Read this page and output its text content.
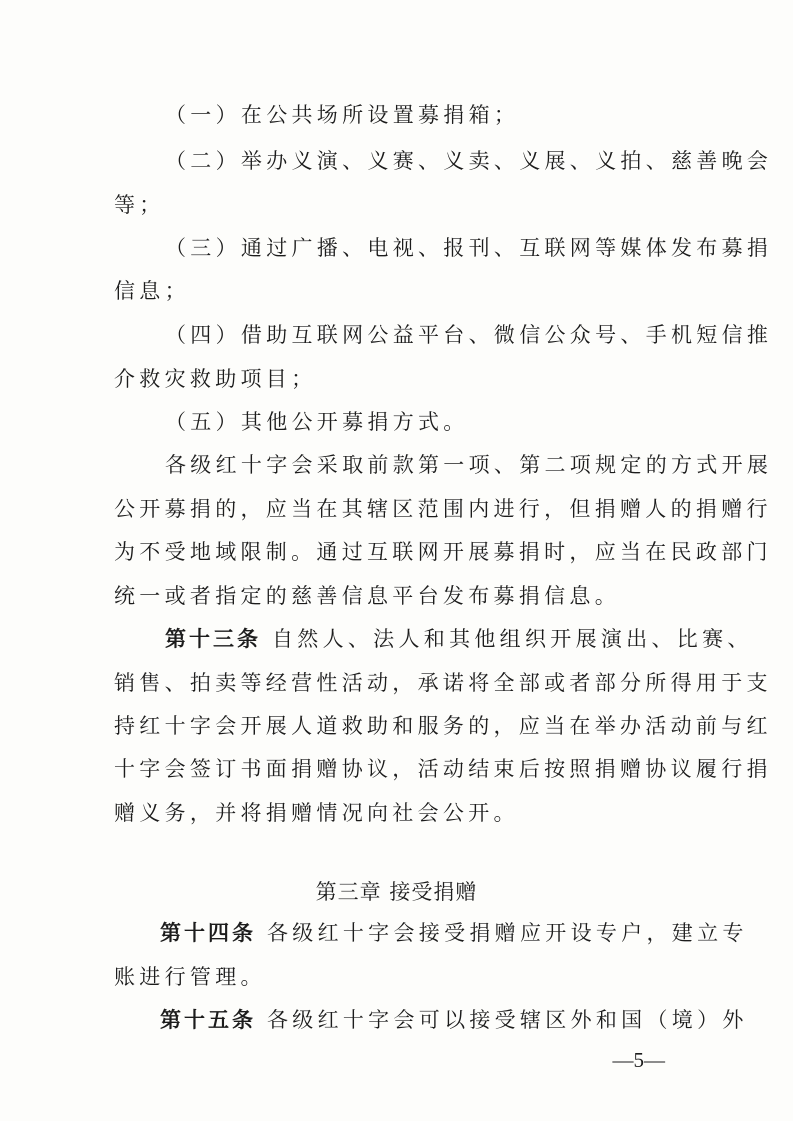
（一）在公共场所设置募捐箱；
（二）举办义演、义赛、义卖、义展、义拍、慈善晚会
等；
（三）通过广播、电视、报刊、互联网等媒体发布募捐
信息；
（四）借助互联网公益平台、微信公众号、手机短信推
介救灾救助项目；
（五）其他公开募捐方式。
各级红十字会采取前款第一项、第二项规定的方式开展
公开募捐的，应当在其辖区范围内进行，但捐赠人的捐赠行
为不受地域限制。通过互联网开展募捐时，应当在民政部门
统一或者指定的慈善信息平台发布募捐信息。
第十三条 自然人、法人和其他组织开展演出、比赛、
销售、拍卖等经营性活动，承诺将全部或者部分所得用于支
持红十字会开展人道救助和服务的，应当在举办活动前与红
十字会签订书面捐赠协议，活动结束后按照捐赠协议履行捐
赠义务，并将捐赠情况向社会公开。
第三章 接受捐赠
第十四条 各级红十字会接受捐赠应开设专户，建立专
账进行管理。
第十五条 各级红十字会可以接受辖区外和国（境）外
—5—
